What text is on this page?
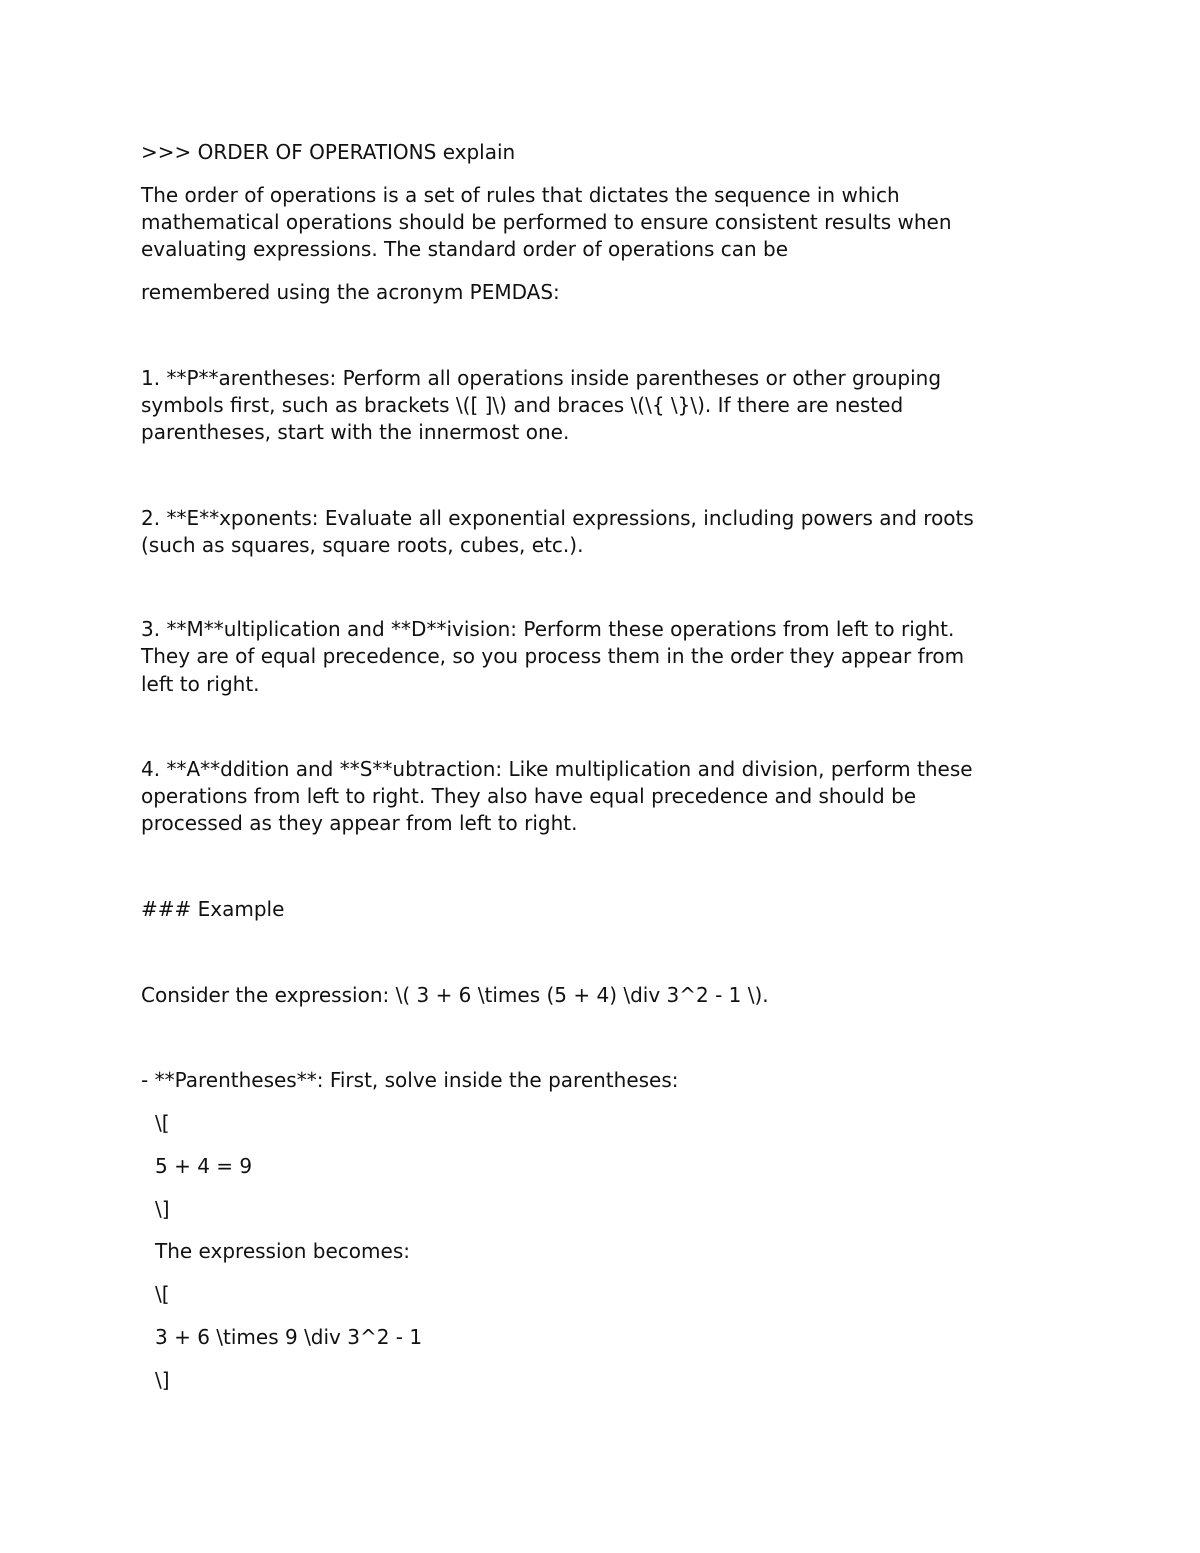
>>> ORDER OF OPERATIONS explain

The order of operations is a set of rules that dictates the sequence in which

mathematical operations should be performed to ensure consistent results when

evaluating expressions. The standard order of operations can be

remembered using the acronym PEMDAS:

1. **P**arentheses: Perform all operations inside parentheses or other grouping

symbols first, such as brackets \([ ]\) and braces \(\{ \}\). If there are nested

parentheses, start with the innermost one.

2. **E**xponents: Evaluate all exponential expressions, including powers and roots

(such as squares, square roots, cubes, etc.).

3. **M**ultiplication and **D**ivision: Perform these operations from left to right.

They are of equal precedence, so you process them in the order they appear from

left to right.

4. **A**ddition and **S**ubtraction: Like multiplication and division, perform these

operations from left to right. They also have equal precedence and should be

processed as they appear from left to right.

### Example

Consider the expression: \( 3 + 6 \times (5 + 4) \div 3^2 - 1 \).

- **Parentheses**: First, solve inside the parentheses:

\[

5 + 4 = 9

\]

The expression becomes:

\[

3 + 6 \times 9 \div 3^2 - 1

\]
